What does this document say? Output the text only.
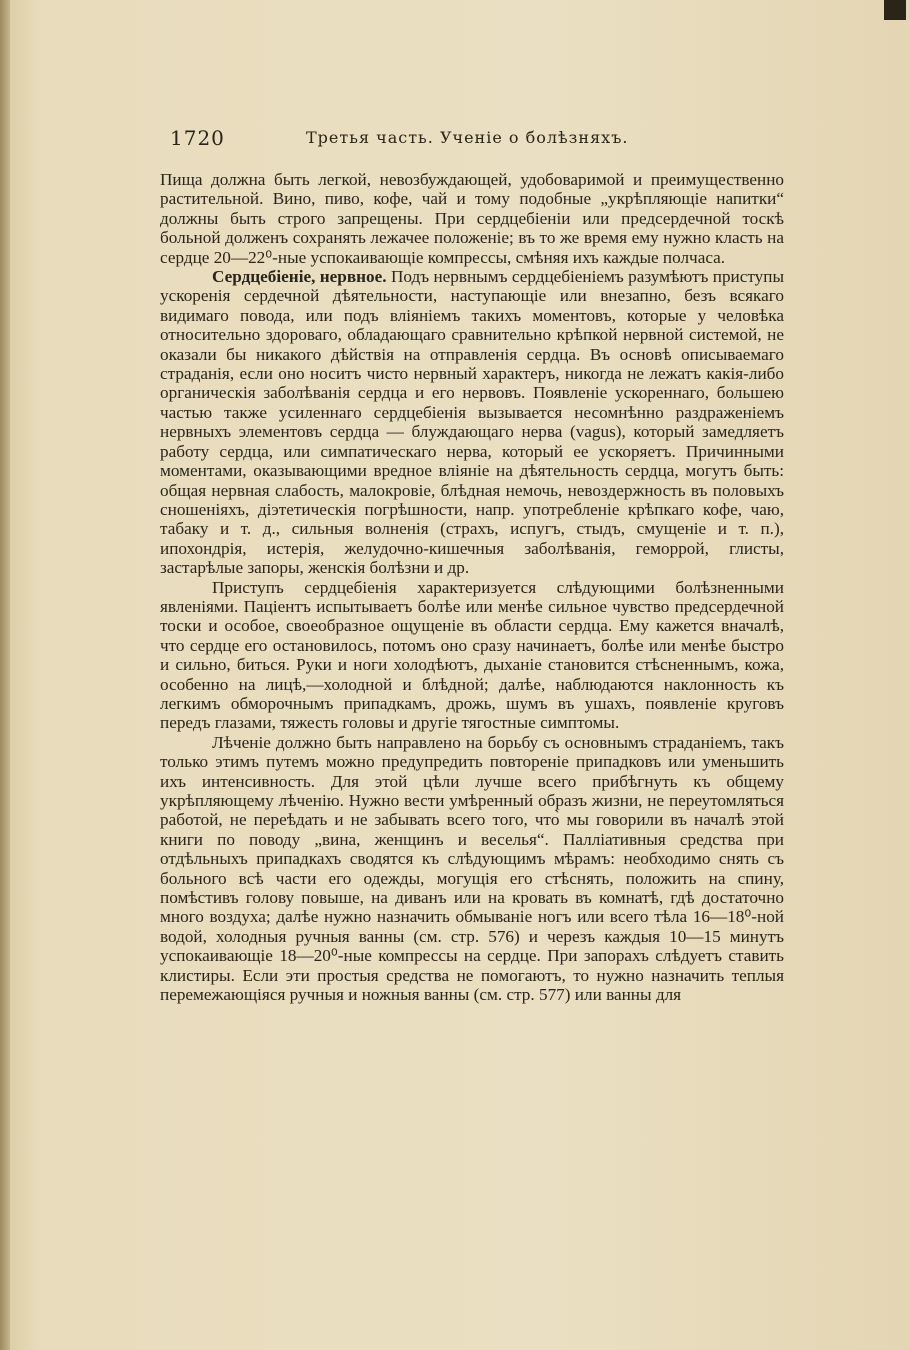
1720	Третья часть. Ученіе о болѣзняхъ.

Пища должна быть легкой, невозбуждающей, удобоваримой и преимущественно растительной. Вино, пиво, кофе, чай и тому подобные „укрѣпляющіе напитки“ должны быть строго запрещены. При сердцебіеніи или предсердечной тоскѣ больной долженъ сохранять лежачее положеніе; въ то же время ему нужно класть на сердце 20—22⁰-ные успокаивающіе компрессы, смѣняя ихъ каждые полчаса.

Сердцебіеніе, нервное. Подъ нервнымъ сердцебіеніемъ разумѣютъ приступы ускоренія сердечной дѣятельности, наступающіе или внезапно, безъ всякаго видимаго повода, или подъ вліяніемъ такихъ моментовъ, которые у человѣка относительно здороваго, обладающаго сравнительно крѣпкой нервной системой, не оказали бы никакого дѣйствія на отправленія сердца. Въ основѣ описываемаго страданія, если оно носитъ чисто нервный характеръ, никогда не лежатъ какія-либо органическія заболѣванія сердца и его нервовъ. Появленіе ускореннаго, большею частью также усиленнаго сердцебіенія вызывается несомнѣнно раздраженіемъ нервныхъ элементовъ сердца — блуждающаго нерва (vagus), который замедляетъ работу сердца, или симпатическаго нерва, который ее ускоряетъ. Причинными моментами, оказывающими вредное вліяніе на дѣятельность сердца, могутъ быть: общая нервная слабость, малокровіе, блѣдная немочь, невоздержность въ половыхъ сношеніяхъ, діэтетическія погрѣшности, напр. употребленіе крѣпкаго кофе, чаю, табаку и т. д., сильныя волненія (страхъ, испугъ, стыдъ, смущеніе и т. п.), ипохондрія, истерія, желудочно-кишечныя заболѣванія, геморрой, глисты, застарѣлые запоры, женскія болѣзни и др.

Приступъ сердцебіенія характеризуется слѣдующими болѣзненными явленіями. Паціентъ испытываетъ болѣе или менѣе сильное чувство предсердечной тоски и особое, своеобразное ощущеніе въ области сердца. Ему кажется вначалѣ, что сердце его остановилось, потомъ оно сразу начинаетъ, болѣе или менѣе быстро и сильно, биться. Руки и ноги холодѣютъ, дыханіе становится стѣсненнымъ, кожа, особенно на лицѣ,—холодной и блѣдной; далѣе, наблюдаются наклонность къ легкимъ обморочнымъ припадкамъ, дрожь, шумъ въ ушахъ, появленіе круговъ передъ глазами, тяжесть головы и другіе тягостные симптомы.

Лѣченіе должно быть направлено на борьбу съ основнымъ страданіемъ, такъ только этимъ путемъ можно предупредить повтореніе припадковъ или уменьшить ихъ интенсивность. Для этой цѣли лучше всего прибѣгнуть къ общему укрѣпляющему лѣченію. Нужно вести умѣренный образъ жизни, не переутомляться работой, не переѣдать и не забывать всего того, что̀ мы говорили въ началѣ этой книги по поводу „вина, женщинъ и веселья“. Палліативныя средства при отдѣльныхъ припадкахъ сводятся къ слѣдующимъ мѣрамъ: необходимо снять съ больного всѣ части его одежды, могущія его стѣснять, положить на спину, помѣстивъ голову повыше, на диванъ или на кровать въ комнатѣ, гдѣ достаточно много воздуха; далѣе нужно назначить обмываніе ногъ или всего тѣла 16—18⁰-ной водой, холодныя ручныя ванны (см. стр. 576) и черезъ каждыя 10—15 минутъ успокаивающіе 18—20⁰-ные компрессы на сердце. При запорахъ слѣдуетъ ставить клистиры. Если эти простыя средства не помогаютъ, то нужно назначить теплыя перемежающіяся ручныя и ножныя ванны (см. стр. 577) или ванны для
